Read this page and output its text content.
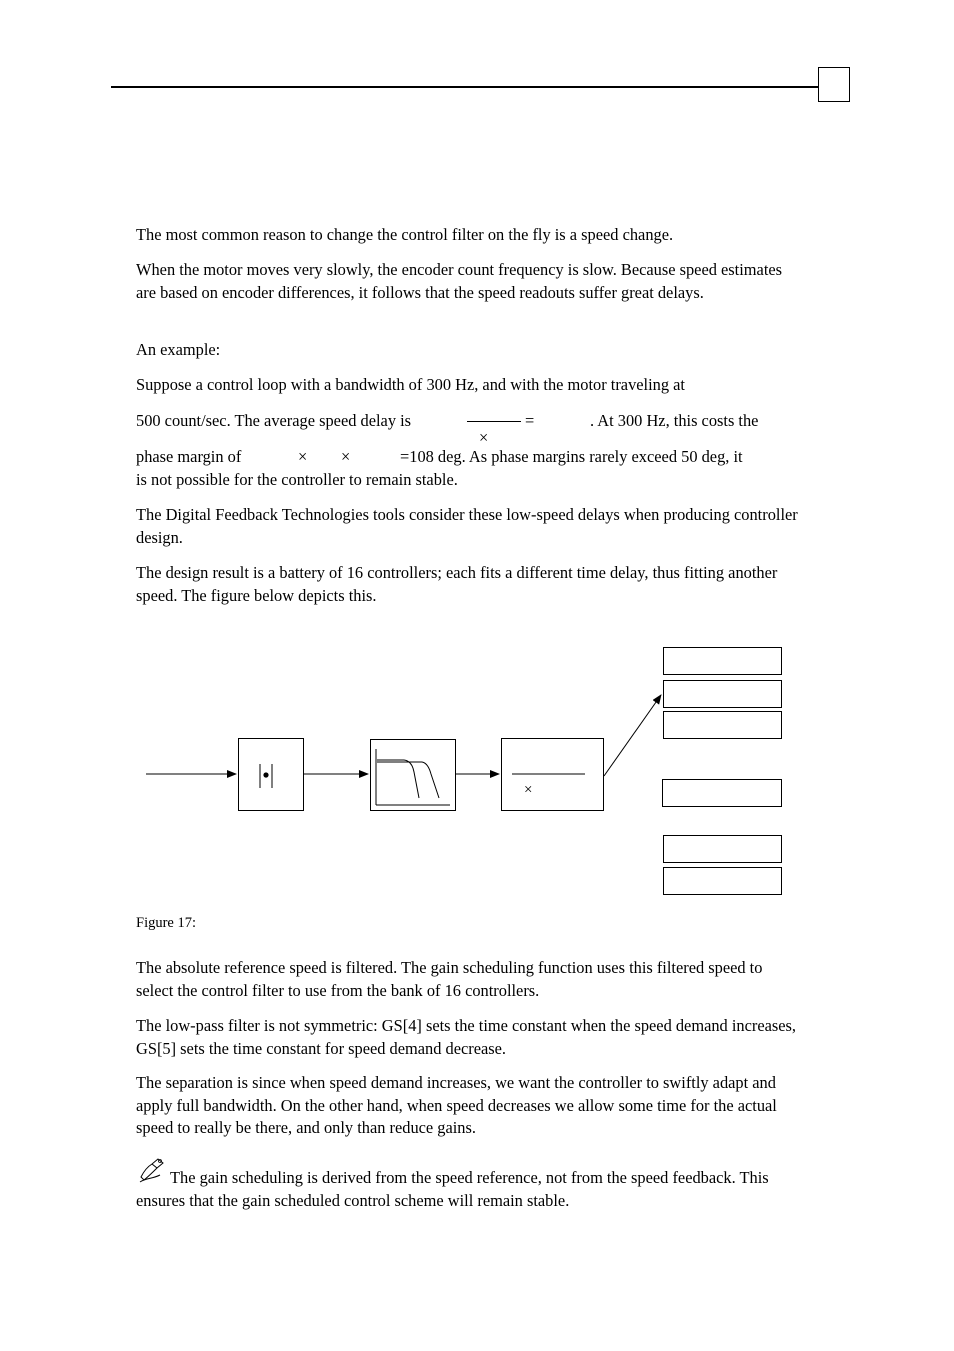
The most common reason to change the control filter on the fly is a speed change.

When the motor moves very slowly, the encoder count frequency is slow. Because speed estimates are based on encoder differences, it follows that the speed readouts suffer great delays.

An example:

Suppose a control loop with a bandwidth of 300 Hz, and with the motor traveling at

500 count/sec. The average speed delay is	=
×
. At 300 Hz, this costs the
phase margin of	× ×	=108 deg. As phase margins rarely exceed 50 deg, it
is not possible for the controller to remain stable.

The Digital Feedback Technologies tools consider these low-speed delays when producing controller design.

The design result is a battery of 16 controllers; each fits a different time delay, thus fitting another speed. The figure below depicts this.

×
Figure 17:

The absolute reference speed is filtered. The gain scheduling function uses this filtered speed to select the control filter to use from the bank of 16 controllers.

The low-pass filter is not symmetric: GS[4] sets the time constant when the speed demand increases, GS[5] sets the time constant for speed demand decrease.

The separation is since when speed demand increases, we want the controller to swiftly adapt and apply full bandwidth. On the other hand, when speed decreases we allow some time for the actual speed to really be there, and only than reduce gains.

The gain scheduling is derived from the speed reference, not from the speed feedback. This ensures that the gain scheduled control scheme will remain stable.
